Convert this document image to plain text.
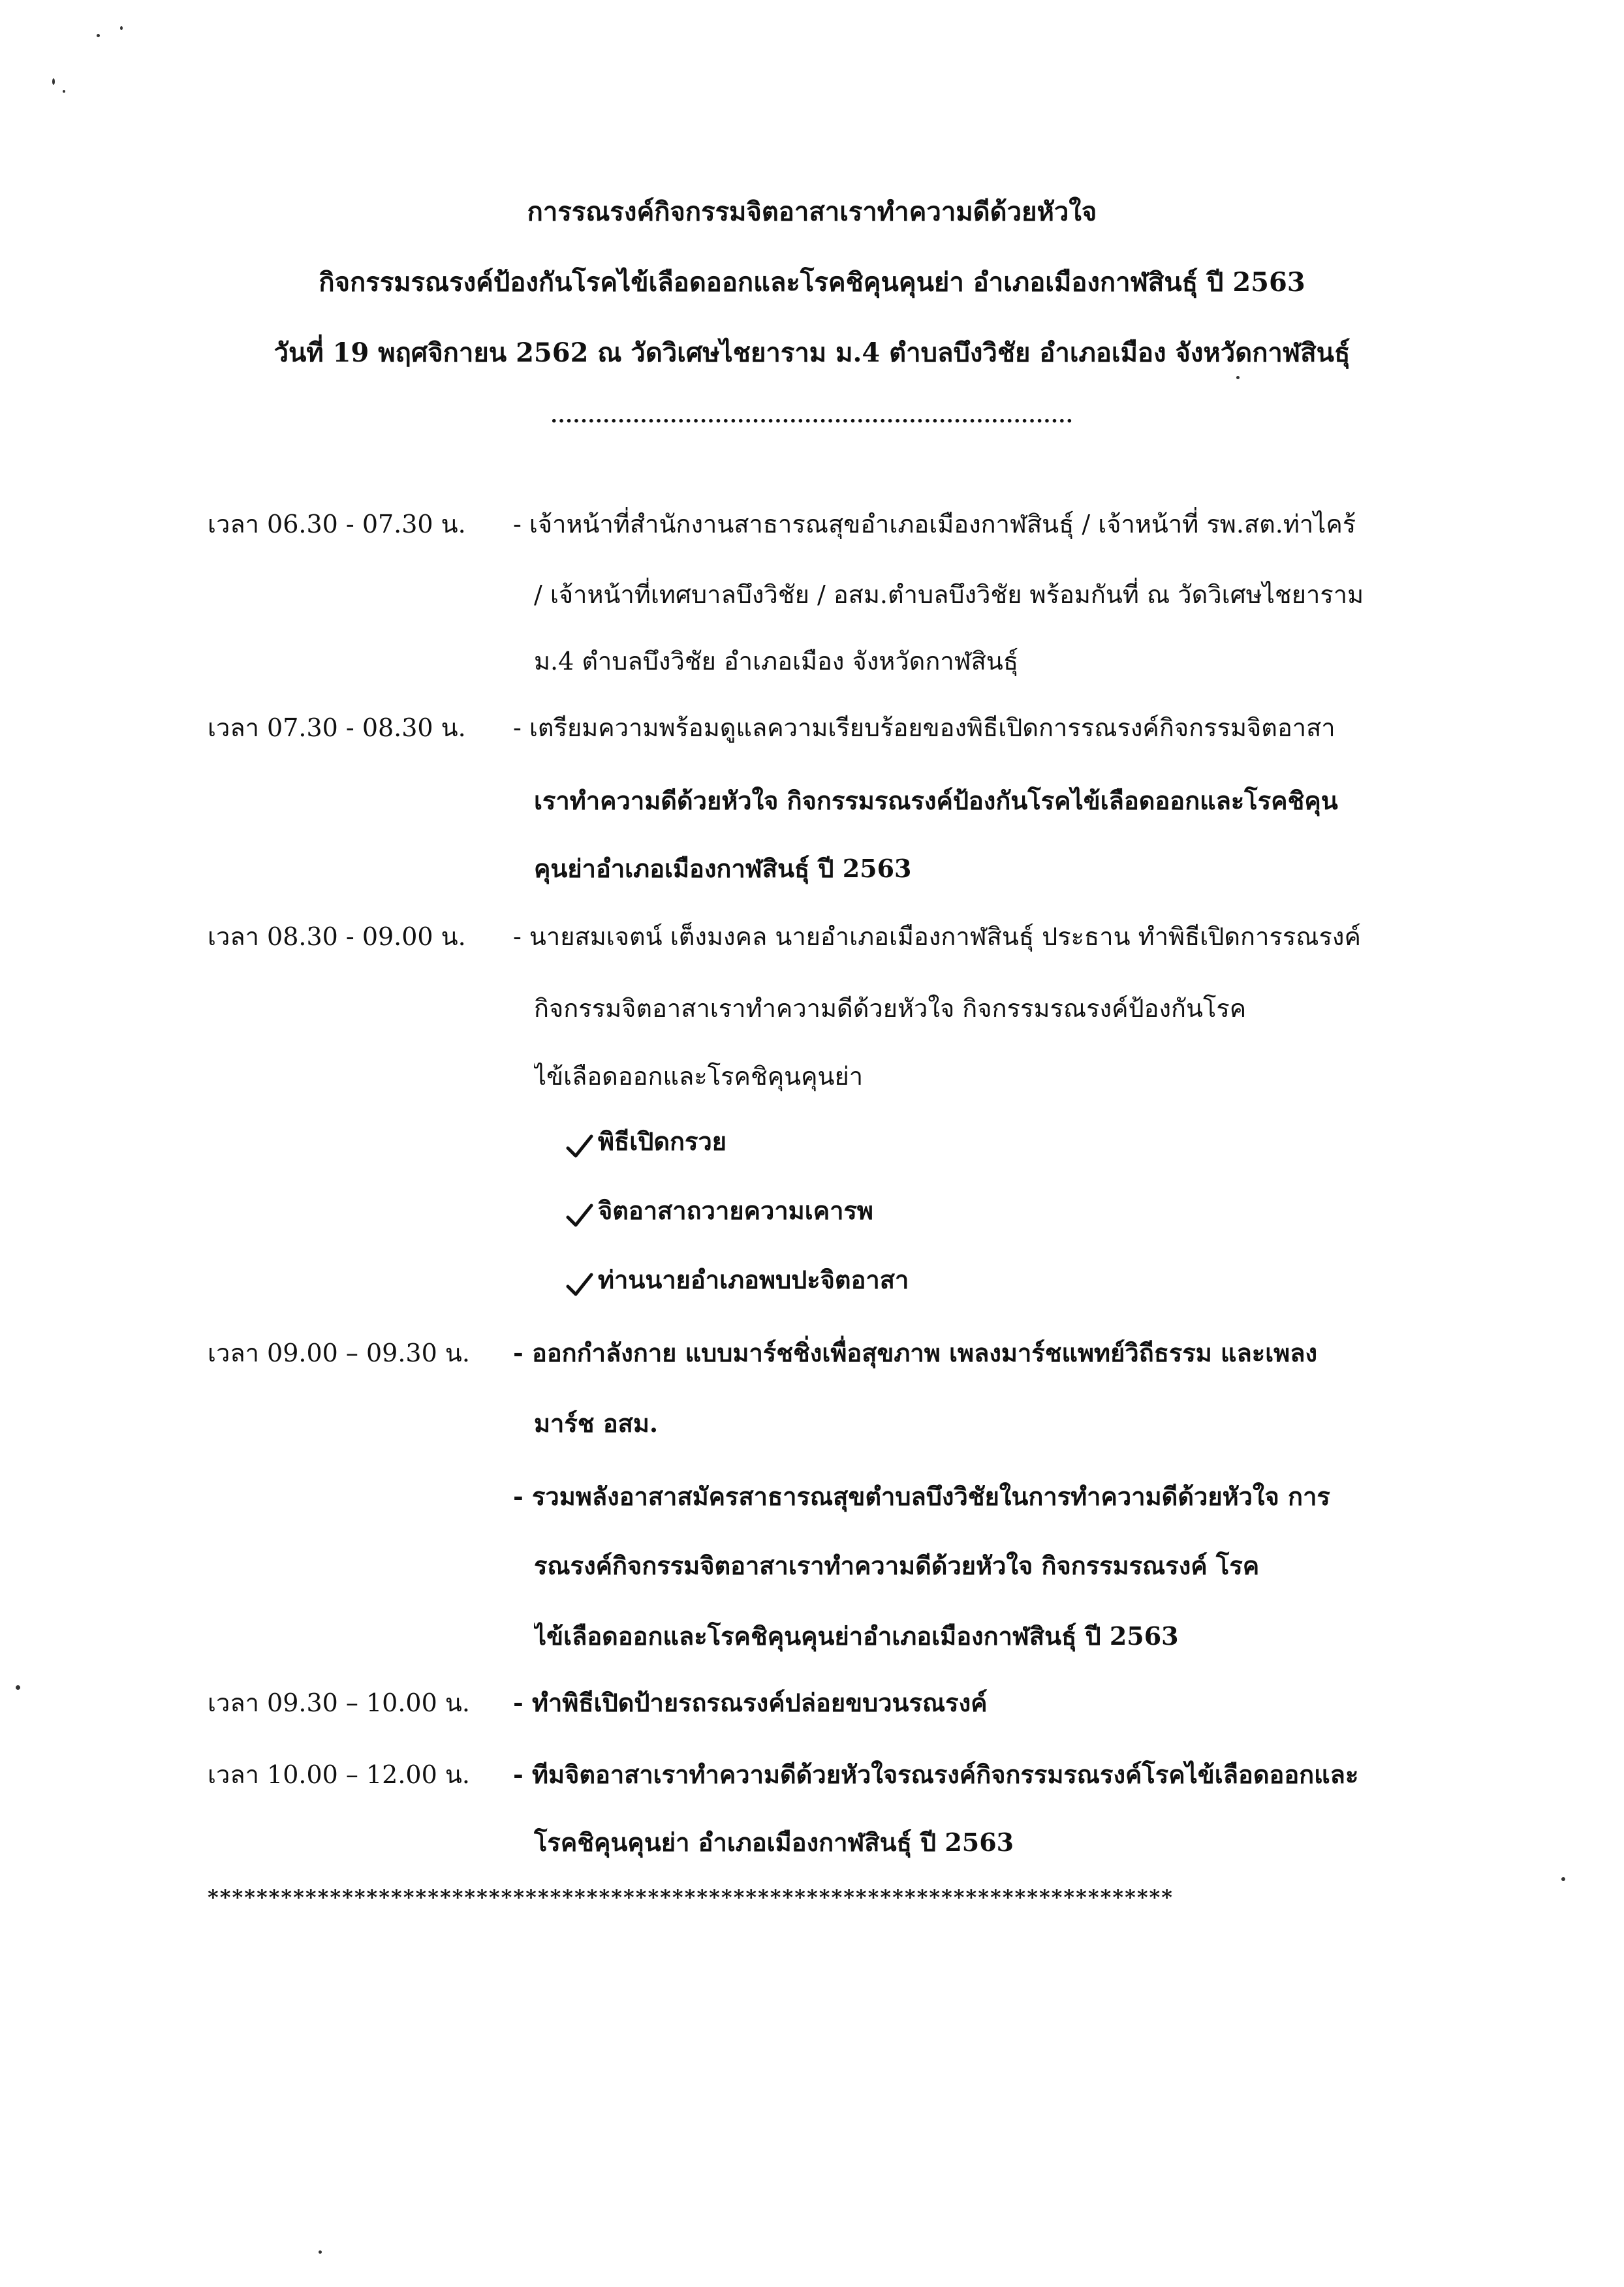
การรณรงค์กิจกรรมจิตอาสาเราทำความดีด้วยหัวใจ
กิจกรรมรณรงค์ป้องกันโรคไข้เลือดออกและโรคชิคุนคุนย่า อำเภอเมืองกาฬสินธุ์ ปี 2563
วันที่ 19 พฤศจิกายน 2562 ณ วัดวิเศษไชยาราม ม.4 ตำบลบึงวิชัย อำเภอเมือง จังหวัดกาฬสินธุ์
......................................................................
เวลา 06.30 - 07.30 น. - เจ้าหน้าที่สำนักงานสาธารณสุขอำเภอเมืองกาฬสินธุ์ / เจ้าหน้าที่ รพ.สต.ท่าไคร้
/ เจ้าหน้าที่เทศบาลบึงวิชัย / อสม.ตำบลบึงวิชัย พร้อมกันที่ ณ วัดวิเศษไชยาราม
ม.4 ตำบลบึงวิชัย อำเภอเมือง จังหวัดกาฬสินธุ์
เวลา 07.30 - 08.30 น. - เตรียมความพร้อมดูแลความเรียบร้อยของพิธีเปิดการรณรงค์กิจกรรมจิตอาสา
เราทำความดีด้วยหัวใจ กิจกรรมรณรงค์ป้องกันโรคไข้เลือดออกและโรคชิคุน
คุนย่าอำเภอเมืองกาฬสินธุ์ ปี 2563
เวลา 08.30 - 09.00 น. - นายสมเจตน์ เต็งมงคล นายอำเภอเมืองกาฬสินธุ์ ประธาน ทำพิธีเปิดการรณรงค์
กิจกรรมจิตอาสาเราทำความดีด้วยหัวใจ กิจกรรมรณรงค์ป้องกันโรค
ไข้เลือดออกและโรคชิคุนคุนย่า
พิธีเปิดกรวย
จิตอาสาถวายความเคารพ
ท่านนายอำเภอพบปะจิตอาสา
เวลา 09.00 – 09.30 น. - ออกกำลังกาย แบบมาร์ชชิ่งเพื่อสุขภาพ เพลงมาร์ชแพทย์วิถีธรรม และเพลง
มาร์ช อสม.
- รวมพลังอาสาสมัครสาธารณสุขตำบลบึงวิชัยในการทำความดีด้วยหัวใจ การ
รณรงค์กิจกรรมจิตอาสาเราทำความดีด้วยหัวใจ กิจกรรมรณรงค์ โรค
ไข้เลือดออกและโรคชิคุนคุนย่าอำเภอเมืองกาฬสินธุ์ ปี 2563
เวลา 09.30 – 10.00 น. - ทำพิธีเปิดป้ายรถรณรงค์ปล่อยขบวนรณรงค์
เวลา 10.00 – 12.00 น. - ทีมจิตอาสาเราทำความดีด้วยหัวใจรณรงค์กิจกรรมรณรงค์โรคไข้เลือดออกและ
โรคชิคุนคุนย่า อำเภอเมืองกาฬสินธุ์ ปี 2563
*******************************************************************************
